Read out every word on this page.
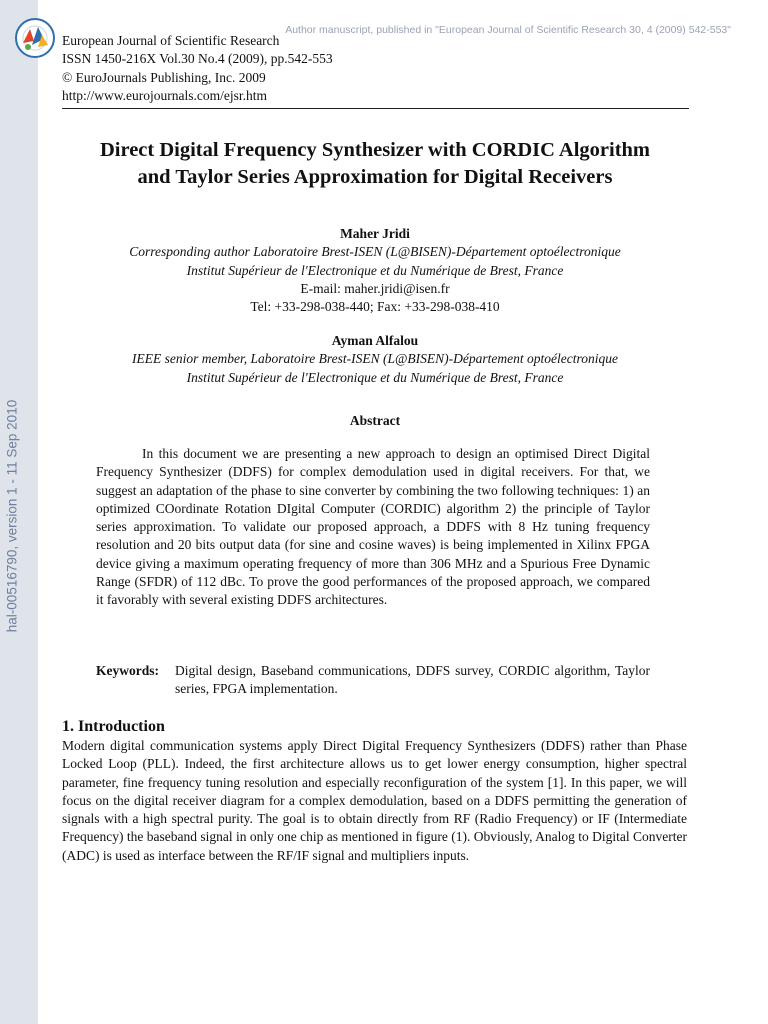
hal-00516790, version 1 - 11 Sep 2010
Author manuscript, published in "European Journal of Scientific Research 30, 4 (2009) 542-553"
European Journal of Scientific Research
ISSN 1450-216X Vol.30 No.4 (2009), pp.542-553
© EuroJournals Publishing, Inc. 2009
http://www.eurojournals.com/ejsr.htm
Direct Digital Frequency Synthesizer with CORDIC Algorithm
and Taylor Series Approximation for Digital Receivers
Maher Jridi
Corresponding author Laboratoire Brest-ISEN (L@BISEN)-Département optoélectronique
Institut Supérieur de l'Electronique et du Numérique de Brest, France
E-mail: maher.jridi@isen.fr
Tel: +33-298-038-440; Fax: +33-298-038-410
Ayman Alfalou
IEEE senior member, Laboratoire Brest-ISEN (L@BISEN)-Département optoélectronique
Institut Supérieur de l'Electronique et du Numérique de Brest, France
Abstract
In this document we are presenting a new approach to design an optimised Direct Digital Frequency Synthesizer (DDFS) for complex demodulation used in digital receivers. For that, we suggest an adaptation of the phase to sine converter by combining the two following techniques: 1) an optimized COordinate Rotation DIgital Computer (CORDIC) algorithm 2) the principle of Taylor series approximation. To validate our proposed approach, a DDFS with 8 Hz tuning frequency resolution and 20 bits output data (for sine and cosine waves) is being implemented in Xilinx FPGA device giving a maximum operating frequency of more than 306 MHz and a Spurious Free Dynamic Range (SFDR) of 112 dBc. To prove the good performances of the proposed approach, we compared it favorably with several existing DDFS architectures.
Keywords:	Digital design, Baseband communications, DDFS survey, CORDIC algorithm, Taylor series, FPGA implementation.
1. Introduction
Modern digital communication systems apply Direct Digital Frequency Synthesizers (DDFS) rather than Phase Locked Loop (PLL). Indeed, the first architecture allows us to get lower energy consumption, higher spectral parameter, fine frequency tuning resolution and especially reconfiguration of the system [1]. In this paper, we will focus on the digital receiver diagram for a complex demodulation, based on a DDFS permitting the generation of signals with a high spectral purity. The goal is to obtain directly from RF (Radio Frequency) or IF (Intermediate Frequency) the baseband signal in only one chip as mentioned in figure (1). Obviously, Analog to Digital Converter (ADC) is used as interface between the RF/IF signal and multipliers inputs.
